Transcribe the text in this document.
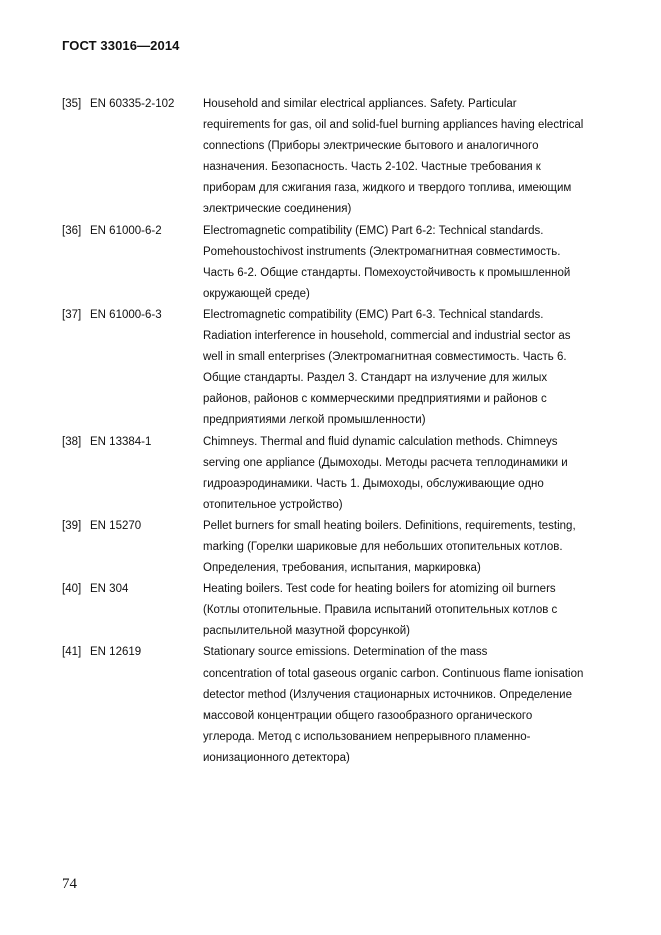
ГОСТ 33016—2014
[35] EN 60335-2-102	Household and similar electrical appliances. Safety. Particular
requirements for gas, oil and solid-fuel burning appliances having electrical
connections (Приборы электрические бытового и аналогичного
назначения. Безопасность. Часть 2-102. Частные требования к
приборам для сжигания газа, жидкого и твердого топлива, имеющим
электрические соединения)
[36] EN 61000-6-2	Electromagnetic compatibility (EMC) Part 6-2: Technical standards.
Pomehoustochivost instruments (Электромагнитная совместимость.
Часть 6-2. Общие стандарты. Помехоустойчивость к промышленной
окружающей среде)
[37] EN 61000-6-3	Electromagnetic compatibility (EMC) Part 6-3. Technical standards.
Radiation interference in household, commercial and industrial sector as
well in small enterprises (Электромагнитная совместимость. Часть 6.
Общие стандарты. Раздел 3. Стандарт на излучение для жилых
районов, районов с коммерческими предприятиями и районов с
предприятиями легкой промышленности)
[38] EN 13384-1	Chimneys. Thermal and fluid dynamic calculation methods. Chimneys
serving one appliance (Дымоходы. Методы расчета теплодинамики и
гидроаэродинамики. Часть 1. Дымоходы, обслуживающие одно
отопительное устройство)
[39] EN 15270	Pellet burners for small heating boilers. Definitions, requirements, testing,
marking (Горелки шариковые для небольших отопительных котлов.
Определения, требования, испытания, маркировка)
[40] EN 304	Heating boilers. Test code for heating boilers for atomizing oil burners
(Котлы отопительные. Правила испытаний отопительных котлов с
распылительной мазутной форсункой)
[41] EN 12619	Stationary source emissions. Determination of the mass
concentration of total gaseous organic carbon. Continuous flame ionisation
detector method (Излучения стационарных источников. Определение
массовой концентрации общего газообразного органического
углерода. Метод с использованием непрерывного пламенно-
ионизационного детектора)
74
